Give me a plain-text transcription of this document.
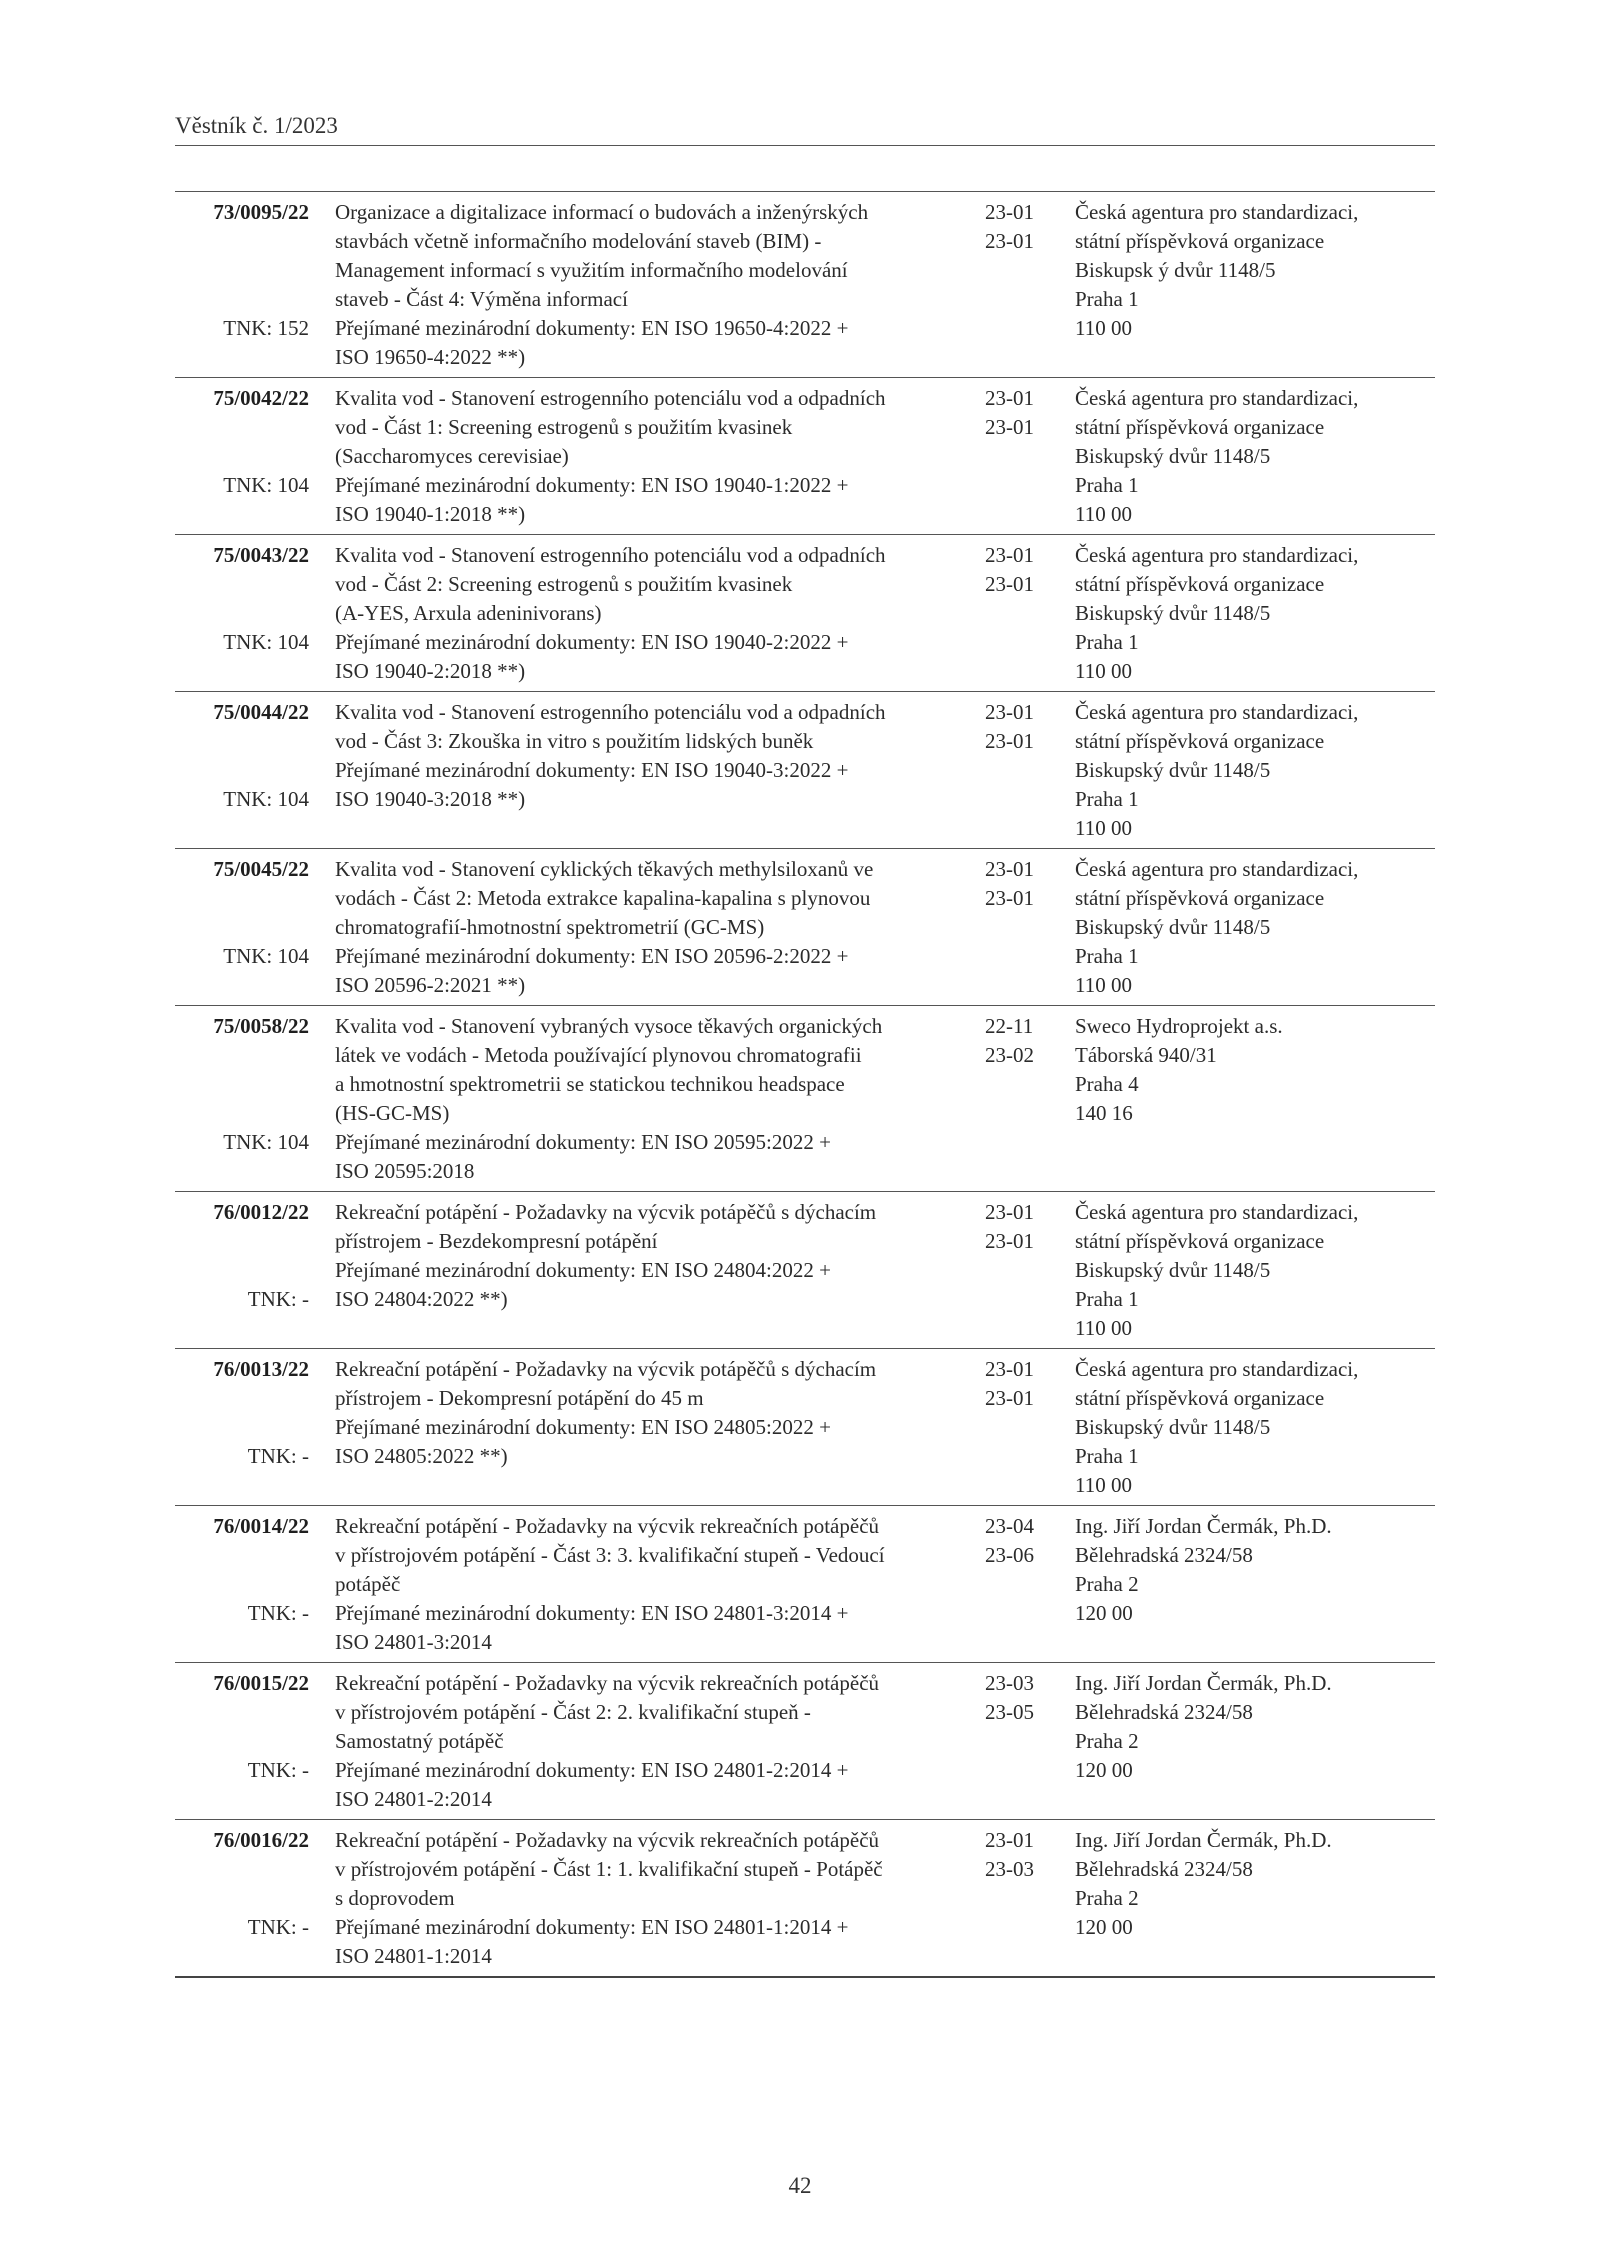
Věstník č. 1/2023
73/0095/22
TNK: 152
Organizace a digitalizace informací o budovách a inženýrských
stavbách včetně informačního modelování staveb (BIM) -
Management informací s využitím informačního modelování
staveb - Část 4: Výměna informací
Přejímané mezinárodní dokumenty: EN ISO 19650-4:2022 +
ISO 19650-4:2022 **)
23-01
23-01
Česká agentura pro standardizaci,
státní příspěvková organizace
Biskupsk ý dvůr 1148/5
Praha 1
110 00
75/0042/22
TNK: 104
Kvalita vod - Stanovení estrogenního potenciálu vod a odpadních
vod - Část 1: Screening estrogenů s použitím kvasinek
(Saccharomyces cerevisiae)
Přejímané mezinárodní dokumenty: EN ISO 19040-1:2022 +
ISO 19040-1:2018 **)
23-01
23-01
Česká agentura pro standardizaci,
státní příspěvková organizace
Biskupský dvůr 1148/5
Praha 1
110 00
75/0043/22
TNK: 104
Kvalita vod - Stanovení estrogenního potenciálu vod a odpadních
vod - Část 2: Screening estrogenů s použitím kvasinek
(A-YES, Arxula adeninivorans)
Přejímané mezinárodní dokumenty: EN ISO 19040-2:2022 +
ISO 19040-2:2018 **)
23-01
23-01
Česká agentura pro standardizaci,
státní příspěvková organizace
Biskupský dvůr 1148/5
Praha 1
110 00
75/0044/22
TNK: 104
Kvalita vod - Stanovení estrogenního potenciálu vod a odpadních
vod - Část 3: Zkouška in vitro s použitím lidských buněk
Přejímané mezinárodní dokumenty: EN ISO 19040-3:2022 +
ISO 19040-3:2018 **)
23-01
23-01
Česká agentura pro standardizaci,
státní příspěvková organizace
Biskupský dvůr 1148/5
Praha 1
110 00
75/0045/22
TNK: 104
Kvalita vod - Stanovení cyklických těkavých methylsiloxanů ve
vodách - Část 2: Metoda extrakce kapalina-kapalina s plynovou
chromatografií-hmotnostní spektrometrií (GC-MS)
Přejímané mezinárodní dokumenty: EN ISO 20596-2:2022 +
ISO 20596-2:2021 **)
23-01
23-01
Česká agentura pro standardizaci,
státní příspěvková organizace
Biskupský dvůr 1148/5
Praha 1
110 00
75/0058/22
TNK: 104
Kvalita vod - Stanovení vybraných vysoce těkavých organických
látek ve vodách - Metoda používající plynovou chromatografii
a hmotnostní spektrometrii se statickou technikou headspace
(HS-GC-MS)
Přejímané mezinárodní dokumenty: EN ISO 20595:2022 +
ISO 20595:2018
22-11
23-02
Sweco Hydroprojekt a.s.
Táborská 940/31
Praha 4
140 16
76/0012/22
TNK: -
Rekreační potápění - Požadavky na výcvik potápěčů s dýchacím
přístrojem - Bezdekompresní potápění
Přejímané mezinárodní dokumenty: EN ISO 24804:2022 +
ISO 24804:2022 **)
23-01
23-01
Česká agentura pro standardizaci,
státní příspěvková organizace
Biskupský dvůr 1148/5
Praha 1
110 00
76/0013/22
TNK: -
Rekreační potápění - Požadavky na výcvik potápěčů s dýchacím
přístrojem - Dekompresní potápění do 45 m
Přejímané mezinárodní dokumenty: EN ISO 24805:2022 +
ISO 24805:2022 **)
23-01
23-01
Česká agentura pro standardizaci,
státní příspěvková organizace
Biskupský dvůr 1148/5
Praha 1
110 00
76/0014/22
TNK: -
Rekreační potápění - Požadavky na výcvik rekreačních potápěčů
v přístrojovém potápění - Část 3: 3. kvalifikační stupeň - Vedoucí
potápěč
Přejímané mezinárodní dokumenty: EN ISO 24801-3:2014 +
ISO 24801-3:2014
23-04
23-06
Ing. Jiří Jordan Čermák, Ph.D.
Bělehradská 2324/58
Praha 2
120 00
76/0015/22
TNK: -
Rekreační potápění - Požadavky na výcvik rekreačních potápěčů
v přístrojovém potápění - Část 2: 2. kvalifikační stupeň -
Samostatný potápěč
Přejímané mezinárodní dokumenty: EN ISO 24801-2:2014 +
ISO 24801-2:2014
23-03
23-05
Ing. Jiří Jordan Čermák, Ph.D.
Bělehradská 2324/58
Praha 2
120 00
76/0016/22
TNK: -
Rekreační potápění - Požadavky na výcvik rekreačních potápěčů
v přístrojovém potápění - Část 1: 1. kvalifikační stupeň - Potápěč
s doprovodem
Přejímané mezinárodní dokumenty: EN ISO 24801-1:2014 +
ISO 24801-1:2014
23-01
23-03
Ing. Jiří Jordan Čermák, Ph.D.
Bělehradská 2324/58
Praha 2
120 00
42
